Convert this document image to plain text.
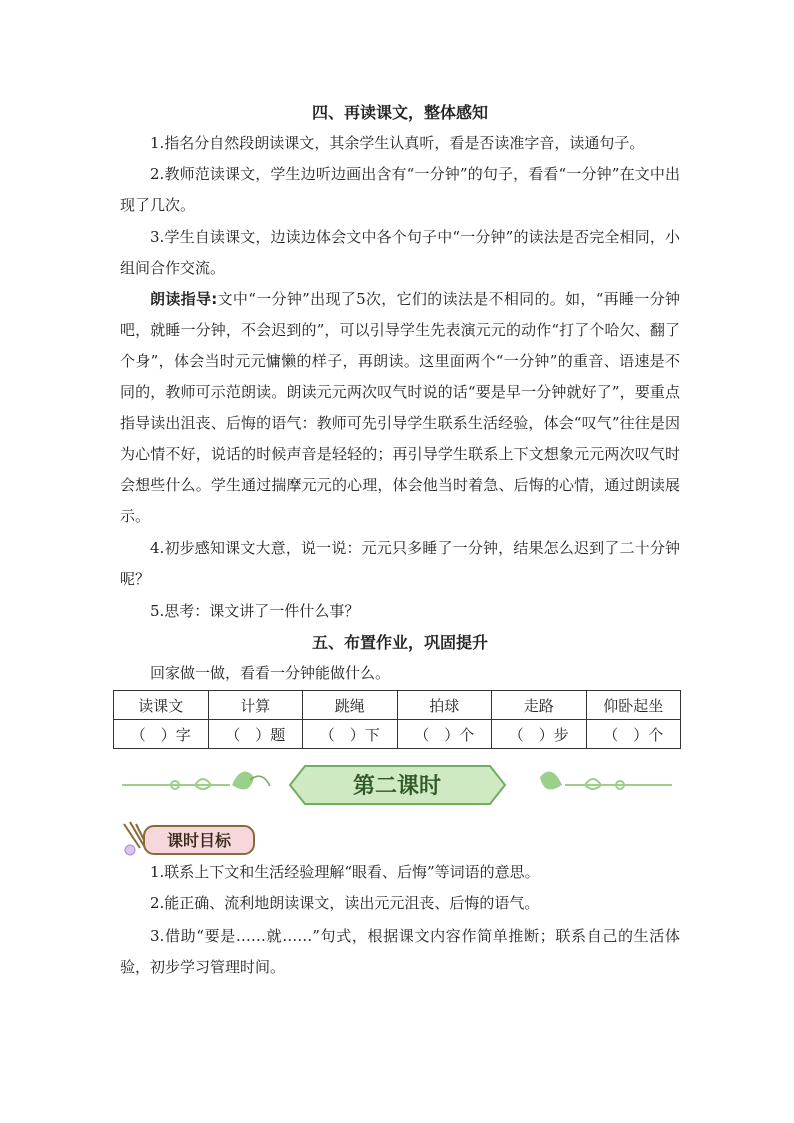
四、再读课文，整体感知

1.指名分自然段朗读课文，其余学生认真听，看是否读准字音，读通句子。

2.教师范读课文，学生边听边画出含有“一分钟”的句子，看看“一分钟”在文中出现了几次。

3.学生自读课文，边读边体会文中各个句子中“一分钟”的读法是否完全相同，小组间合作交流。

朗读指导:文中“一分钟”出现了5次，它们的读法是不相同的。如，“再睡一分钟吧，就睡一分钟，不会迟到的”，可以引导学生先表演元元的动作“打了个哈欠、翻了个身”，体会当时元元慵懒的样子，再朗读。这里面两个“一分钟”的重音、语速是不同的，教师可示范朗读。朗读元元两次叹气时说的话“要是早一分钟就好了”，要重点指导读出沮丧、后悔的语气：教师可先引导学生联系生活经验，体会“叹气”往往是因为心情不好，说话的时候声音是轻轻的；再引导学生联系上下文想象元元两次叹气时会想些什么。学生通过揣摩元元的心理，体会他当时着急、后悔的心情，通过朗读展示。

4.初步感知课文大意，说一说：元元只多睡了一分钟，结果怎么迟到了二十分钟呢？

5.思考：课文讲了一件什么事？

五、布置作业，巩固提升

回家做一做，看看一分钟能做什么。

读课文	计算	跳绳	拍球	走路	仰卧起坐
（　）字	（　）题	（　）下	（　）个	（　）步	（　）个
第二课时
课时目标

1.联系上下文和生活经验理解“眼看、后悔”等词语的意思。

2.能正确、流利地朗读课文，读出元元沮丧、后悔的语气。

3.借助“要是……就……”句式，根据课文内容作简单推断；联系自己的生活体验，初步学习管理时间。
